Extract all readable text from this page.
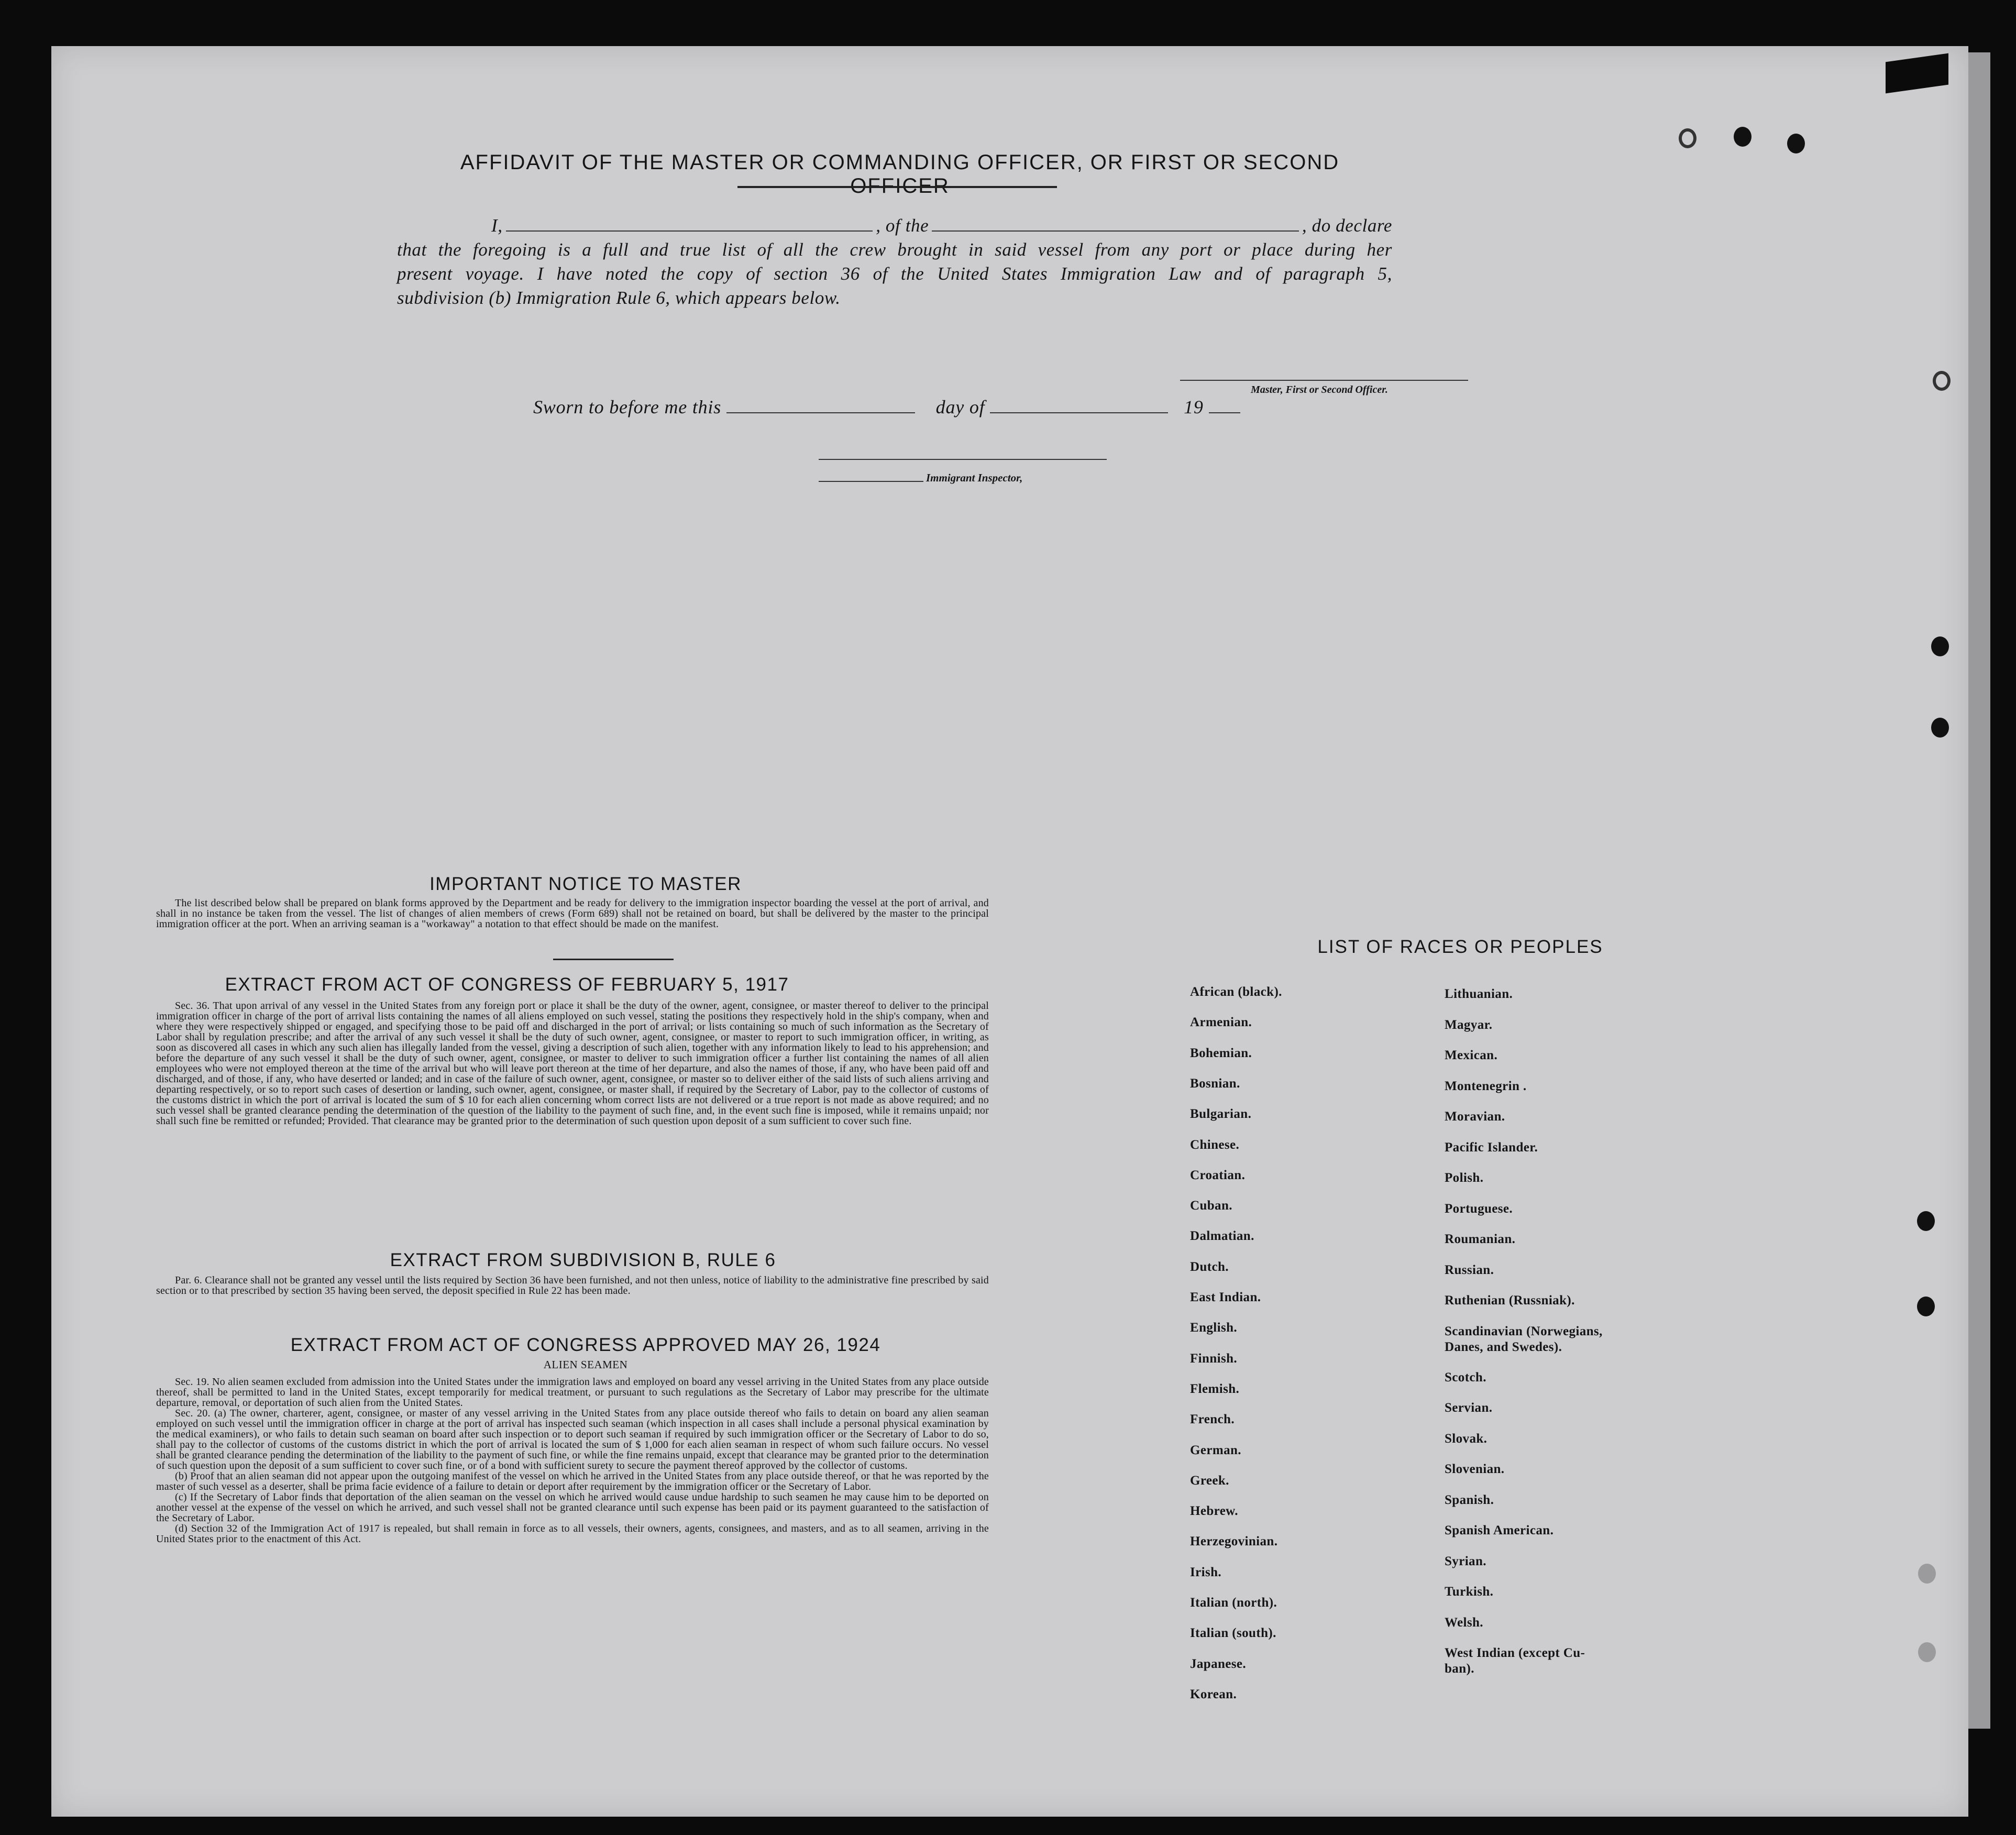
AFFIDAVIT OF THE MASTER OR COMMANDING OFFICER, OR FIRST OR SECOND OFFICER
I,	, of the	, do declare
that the foregoing is a full and true list of all the crew brought in said vessel from any port or place during her
present voyage. I have noted the copy of section 36 of the United States Immigration Law and of paragraph 5,
subdivision (b) Immigration Rule 6, which appears below.
Master, First or Second Officer.
Sworn to before me this	day of	19
Immigrant Inspector,
IMPORTANT NOTICE TO MASTER

The list described below shall be prepared on blank forms approved by the Department and be ready for delivery to the immigration inspector boarding the vessel at the port of arrival, and shall in no instance be taken from the vessel. The list of changes of alien members of crews (Form 689) shall not be retained on board, but shall be delivered by the master to the principal immigration officer at the port. When an arriving seaman is a "workaway" a notation to that effect should be made on the manifest.

EXTRACT FROM ACT OF CONGRESS OF FEBRUARY 5, 1917

Sec. 36. That upon arrival of any vessel in the United States from any foreign port or place it shall be the duty of the owner, agent, consignee, or master thereof to deliver to the principal immigration officer in charge of the port of arrival lists containing the names of all aliens employed on such vessel, stating the positions they respectively hold in the ship's company, when and where they were respectively shipped or engaged, and specifying those to be paid off and discharged in the port of arrival; or lists containing so much of such information as the Secretary of Labor shall by regulation prescribe; and after the arrival of any such vessel it shall be the duty of such owner, agent, consignee, or master to report to such immigration officer, in writing, as soon as discovered all cases in which any such alien has illegally landed from the vessel, giving a description of such alien, together with any information likely to lead to his apprehension; and before the departure of any such vessel it shall be the duty of such owner, agent, consignee, or master to deliver to such immigration officer a further list containing the names of all alien employees who were not employed thereon at the time of the arrival but who will leave port thereon at the time of her departure, and also the names of those, if any, who have been paid off and discharged, and of those, if any, who have deserted or landed; and in case of the failure of such owner, agent, consignee, or master so to deliver either of the said lists of such aliens arriving and departing respectively, or so to report such cases of desertion or landing, such owner, agent, consignee, or master shall, if required by the Secretary of Labor, pay to the collector of customs of the customs district in which the port of arrival is located the sum of $ 10 for each alien concerning whom correct lists are not delivered or a true report is not made as above required; and no such vessel shall be granted clearance pending the determination of the question of the liability to the payment of such fine, and, in the event such fine is imposed, while it remains unpaid; nor shall such fine be remitted or refunded; Provided. That clearance may be granted prior to the determination of such question upon deposit of a sum sufficient to cover such fine.

EXTRACT FROM SUBDIVISION B, RULE 6

Par. 6. Clearance shall not be granted any vessel until the lists required by Section 36 have been furnished, and not then unless, notice of liability to the administrative fine prescribed by said section or to that prescribed by section 35 having been served, the deposit specified in Rule 22 has been made.

EXTRACT FROM ACT OF CONGRESS APPROVED MAY 26, 1924
ALIEN SEAMEN

Sec. 19. No alien seamen excluded from admission into the United States under the immigration laws and employed on board any vessel arriving in the United States from any place outside thereof, shall be permitted to land in the United States, except temporarily for medical treatment, or pursuant to such regulations as the Secretary of Labor may prescribe for the ultimate departure, removal, or deportation of such alien from the United States.

Sec. 20. (a) The owner, charterer, agent, consignee, or master of any vessel arriving in the United States from any place outside thereof who fails to detain on board any alien seaman employed on such vessel until the immigration officer in charge at the port of arrival has inspected such seaman (which inspection in all cases shall include a personal physical examination by the medical examiners), or who fails to detain such seaman on board after such inspection or to deport such seaman if required by such immigration officer or the Secretary of Labor to do so, shall pay to the collector of customs of the customs district in which the port of arrival is located the sum of $ 1,000 for each alien seaman in respect of whom such failure occurs. No vessel shall be granted clearance pending the determination of the liability to the payment of such fine, or while the fine remains unpaid, except that clearance may be granted prior to the determination of such question upon the deposit of a sum sufficient to cover such fine, or of a bond with sufficient surety to secure the payment thereof approved by the collector of customs.

(b) Proof that an alien seaman did not appear upon the outgoing manifest of the vessel on which he arrived in the United States from any place outside thereof, or that he was reported by the master of such vessel as a deserter, shall be prima facie evidence of a failure to detain or deport after requirement by the immigration officer or the Secretary of Labor.

(c) If the Secretary of Labor finds that deportation of the alien seaman on the vessel on which he arrived would cause undue hardship to such seamen he may cause him to be deported on another vessel at the expense of the vessel on which he arrived, and such vessel shall not be granted clearance until such expense has been paid or its payment guaranteed to the satisfaction of the Secretary of Labor.

(d) Section 32 of the Immigration Act of 1917 is repealed, but shall remain in force as to all vessels, their owners, agents, consignees, and masters, and as to all seamen, arriving in the United States prior to the enactment of this Act.

LIST OF RACES OR PEOPLES
African (black).
Armenian.
Bohemian.
Bosnian.
Bulgarian.
Chinese.
Croatian.
Cuban.
Dalmatian.
Dutch.
East Indian.
English.
Finnish.
Flemish.
French.
German.
Greek.
Hebrew.
Herzegovinian.
Irish.
Italian (north).
Italian (south).
Japanese.
Korean.
Lithuanian.
Magyar.
Mexican.
Montenegrin .
Moravian.
Pacific Islander.
Polish.
Portuguese.
Roumanian.
Russian.
Ruthenian (Russniak).
Scandinavian (Norwegians,
Danes, and Swedes).
Scotch.
Servian.
Slovak.
Slovenian.
Spanish.
Spanish American.
Syrian.
Turkish.
Welsh.
West Indian (except Cu-
ban).
